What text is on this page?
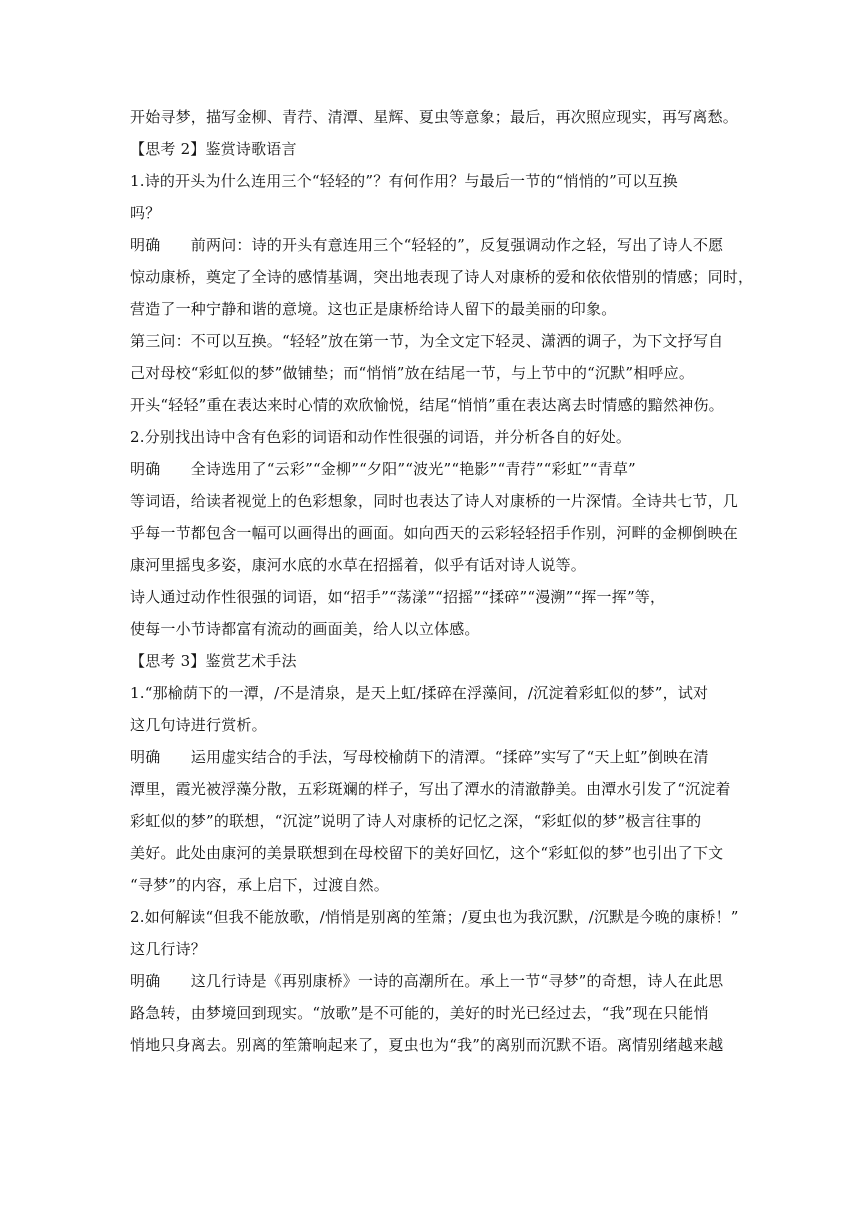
开始寻梦，描写金柳、青荇、清潭、星辉、夏虫等意象；最后，再次照应现实，再写离愁。

【思考 2】鉴赏诗歌语言

1.诗的开头为什么连用三个“轻轻的”？有何作用？与最后一节的“悄悄的”可以互换

吗？

明确　　前两问：诗的开头有意连用三个“轻轻的”，反复强调动作之轻，写出了诗人不愿

惊动康桥，奠定了全诗的感情基调，突出地表现了诗人对康桥的爱和依依惜别的情感；同时，

营造了一种宁静和谐的意境。这也正是康桥给诗人留下的最美丽的印象。

第三问：不可以互换。“轻轻”放在第一节，为全文定下轻灵、潇洒的调子，为下文抒写自

己对母校“彩虹似的梦”做铺垫；而“悄悄”放在结尾一节，与上节中的“沉默”相呼应。

开头“轻轻”重在表达来时心情的欢欣愉悦，结尾“悄悄”重在表达离去时情感的黯然神伤。

2.分别找出诗中含有色彩的词语和动作性很强的词语，并分析各自的好处。

明确　　全诗选用了“云彩”“金柳”“夕阳”“波光”“艳影”“青荇”“彩虹”“青草”

等词语，给读者视觉上的色彩想象，同时也表达了诗人对康桥的一片深情。全诗共七节，几

乎每一节都包含一幅可以画得出的画面。如向西天的云彩轻轻招手作别，河畔的金柳倒映在

康河里摇曳多姿，康河水底的水草在招摇着，似乎有话对诗人说等。

诗人通过动作性很强的词语，如“招手”“荡漾”“招摇”“揉碎”“漫溯”“挥一挥”等，

使每一小节诗都富有流动的画面美，给人以立体感。

【思考 3】鉴赏艺术手法

1.“那榆荫下的一潭，/不是清泉，是天上虹/揉碎在浮藻间，/沉淀着彩虹似的梦”，试对

这几句诗进行赏析。

明确　　运用虚实结合的手法，写母校榆荫下的清潭。“揉碎”实写了“天上虹”倒映在清

潭里，霞光被浮藻分散，五彩斑斓的样子，写出了潭水的清澈静美。由潭水引发了“沉淀着

彩虹似的梦”的联想，“沉淀”说明了诗人对康桥的记忆之深，“彩虹似的梦”极言往事的

美好。此处由康河的美景联想到在母校留下的美好回忆，这个“彩虹似的梦”也引出了下文

“寻梦”的内容，承上启下，过渡自然。

2.如何解读“但我不能放歌，/悄悄是别离的笙箫；/夏虫也为我沉默，/沉默是今晚的康桥！”

这几行诗？

明确　　这几行诗是《再别康桥》一诗的高潮所在。承上一节“寻梦”的奇想，诗人在此思

路急转，由梦境回到现实。“放歌”是不可能的，美好的时光已经过去，“我”现在只能悄

悄地只身离去。别离的笙箫响起来了，夏虫也为“我”的离别而沉默不语。离情别绪越来越
